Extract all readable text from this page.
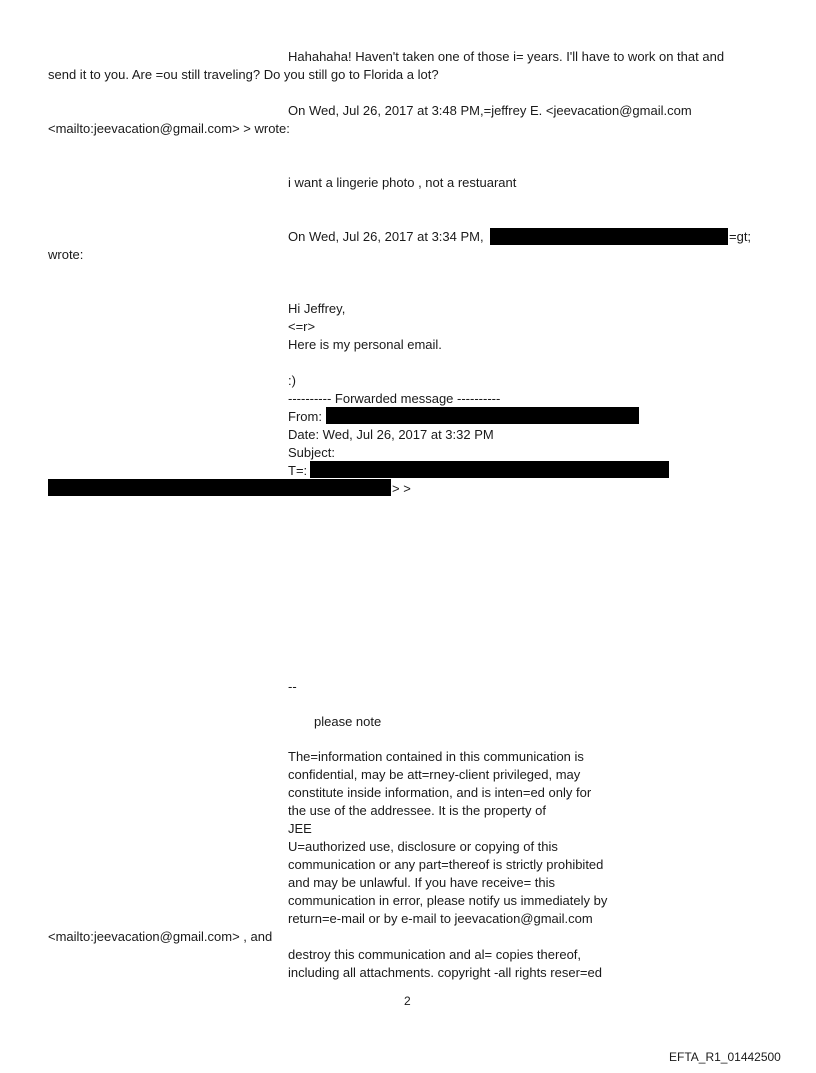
Hahahaha! Haven't taken one of those i= years. I'll have to work on that and
send it to you. Are =ou still traveling? Do you still go to Florida a lot?
On Wed, Jul 26, 2017 at 3:48 PM,=jeffrey E. <jeevacation@gmail.com
<mailto:jeevacation@gmail.com> > wrote:
i want a lingerie photo , not a restuarant
On Wed, Jul 26, 2017 at 3:34 PM,	=gt;
wrote:
Hi Jeffrey,
<=r>
Here is my personal email.
:)
---------- Forwarded message ----------
From:
Date: Wed, Jul 26, 2017 at 3:32 PM
Subject:
T=:
> >
--
please note
The=information contained in this communication is
confidential, may be att=rney-client privileged, may
constitute inside information, and is inten=ed only for
the use of the addressee. It is the property of
JEE
U=authorized use, disclosure or copying of this
communication or any part=thereof is strictly prohibited
and may be unlawful. If you have receive= this
communication in error, please notify us immediately by
return=e-mail or by e-mail to jeevacation@gmail.com
<mailto:jeevacation@gmail.com> , and
destroy this communication and al= copies thereof,
including all attachments. copyright -all rights reser=ed
2
EFTA_R1_01442500
